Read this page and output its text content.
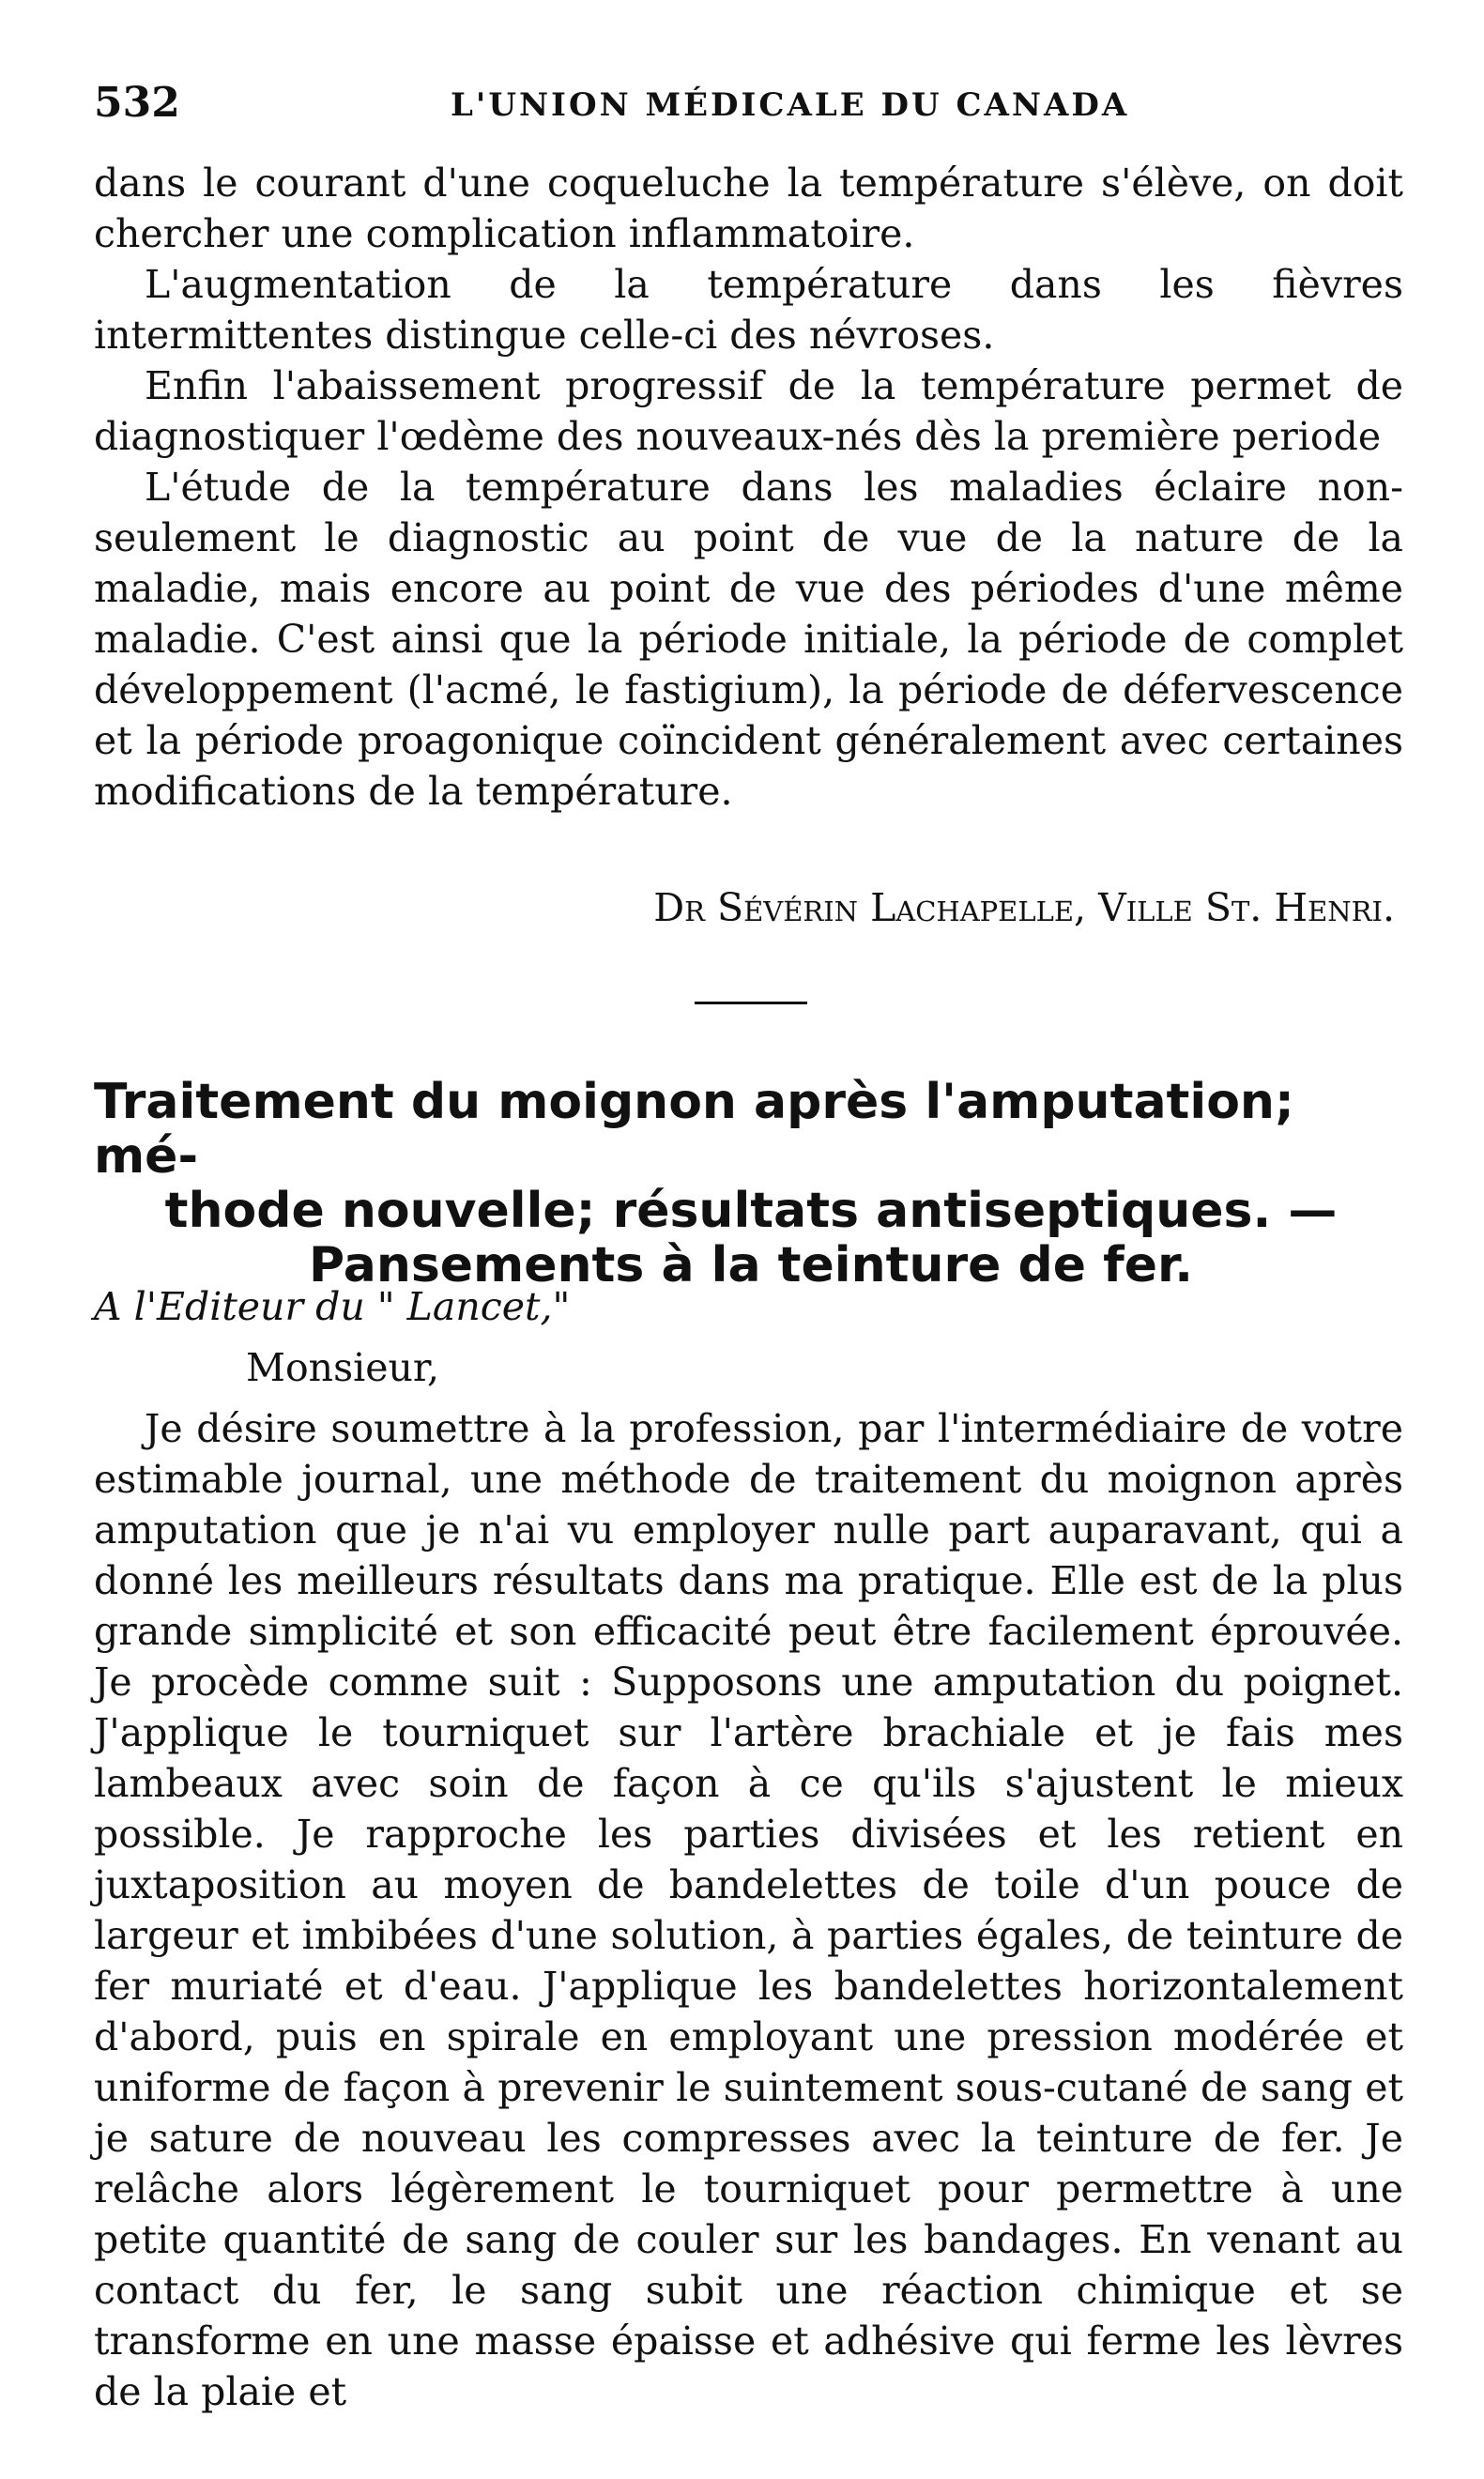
532	L'UNION MÉDICALE DU CANADA

dans le courant d'une coqueluche la température s'élève, on doit chercher une complication inflammatoire.

L'augmentation de la température dans les fièvres intermittentes distingue celle-ci des névroses.

Enfin l'abaissement progressif de la température permet de diagnostiquer l'œdème des nouveaux-nés dès la première periode

L'étude de la température dans les maladies éclaire non-seulement le diagnostic au point de vue de la nature de la maladie, mais encore au point de vue des périodes d'une même maladie. C'est ainsi que la période initiale, la période de complet développement (l'acmé, le fastigium), la période de défervescence et la période proagonique coïncident généralement avec certaines modifications de la température.

Dr Sévérin Lachapelle, Ville St. Henri.
Traitement du moignon après l'amputation; mé-
thode nouvelle; résultats antiseptiques. —
Pansements à la teinture de fer.
A l'Editeur du " Lancet,"
Monsieur,

Je désire soumettre à la profession, par l'intermédiaire de votre estimable journal, une méthode de traitement du moignon après amputation que je n'ai vu employer nulle part auparavant, qui a donné les meilleurs résultats dans ma pratique. Elle est de la plus grande simplicité et son efficacité peut être facilement éprouvée. Je procède comme suit : Supposons une amputation du poignet. J'applique le tourniquet sur l'artère brachiale et je fais mes lambeaux avec soin de façon à ce qu'ils s'ajustent le mieux possible. Je rapproche les parties divisées et les retient en juxtaposition au moyen de bandelettes de toile d'un pouce de largeur et imbibées d'une solution, à parties égales, de teinture de fer muriaté et d'eau. J'applique les bandelettes horizontalement d'abord, puis en spirale en employant une pression modérée et uniforme de façon à prevenir le suintement sous-cutané de sang et je sature de nouveau les compresses avec la teinture de fer. Je relâche alors légèrement le tourniquet pour permettre à une petite quantité de sang de couler sur les bandages. En venant au contact du fer, le sang subit une réaction chimique et se transforme en une masse épaisse et adhésive qui ferme les lèvres de la plaie et
